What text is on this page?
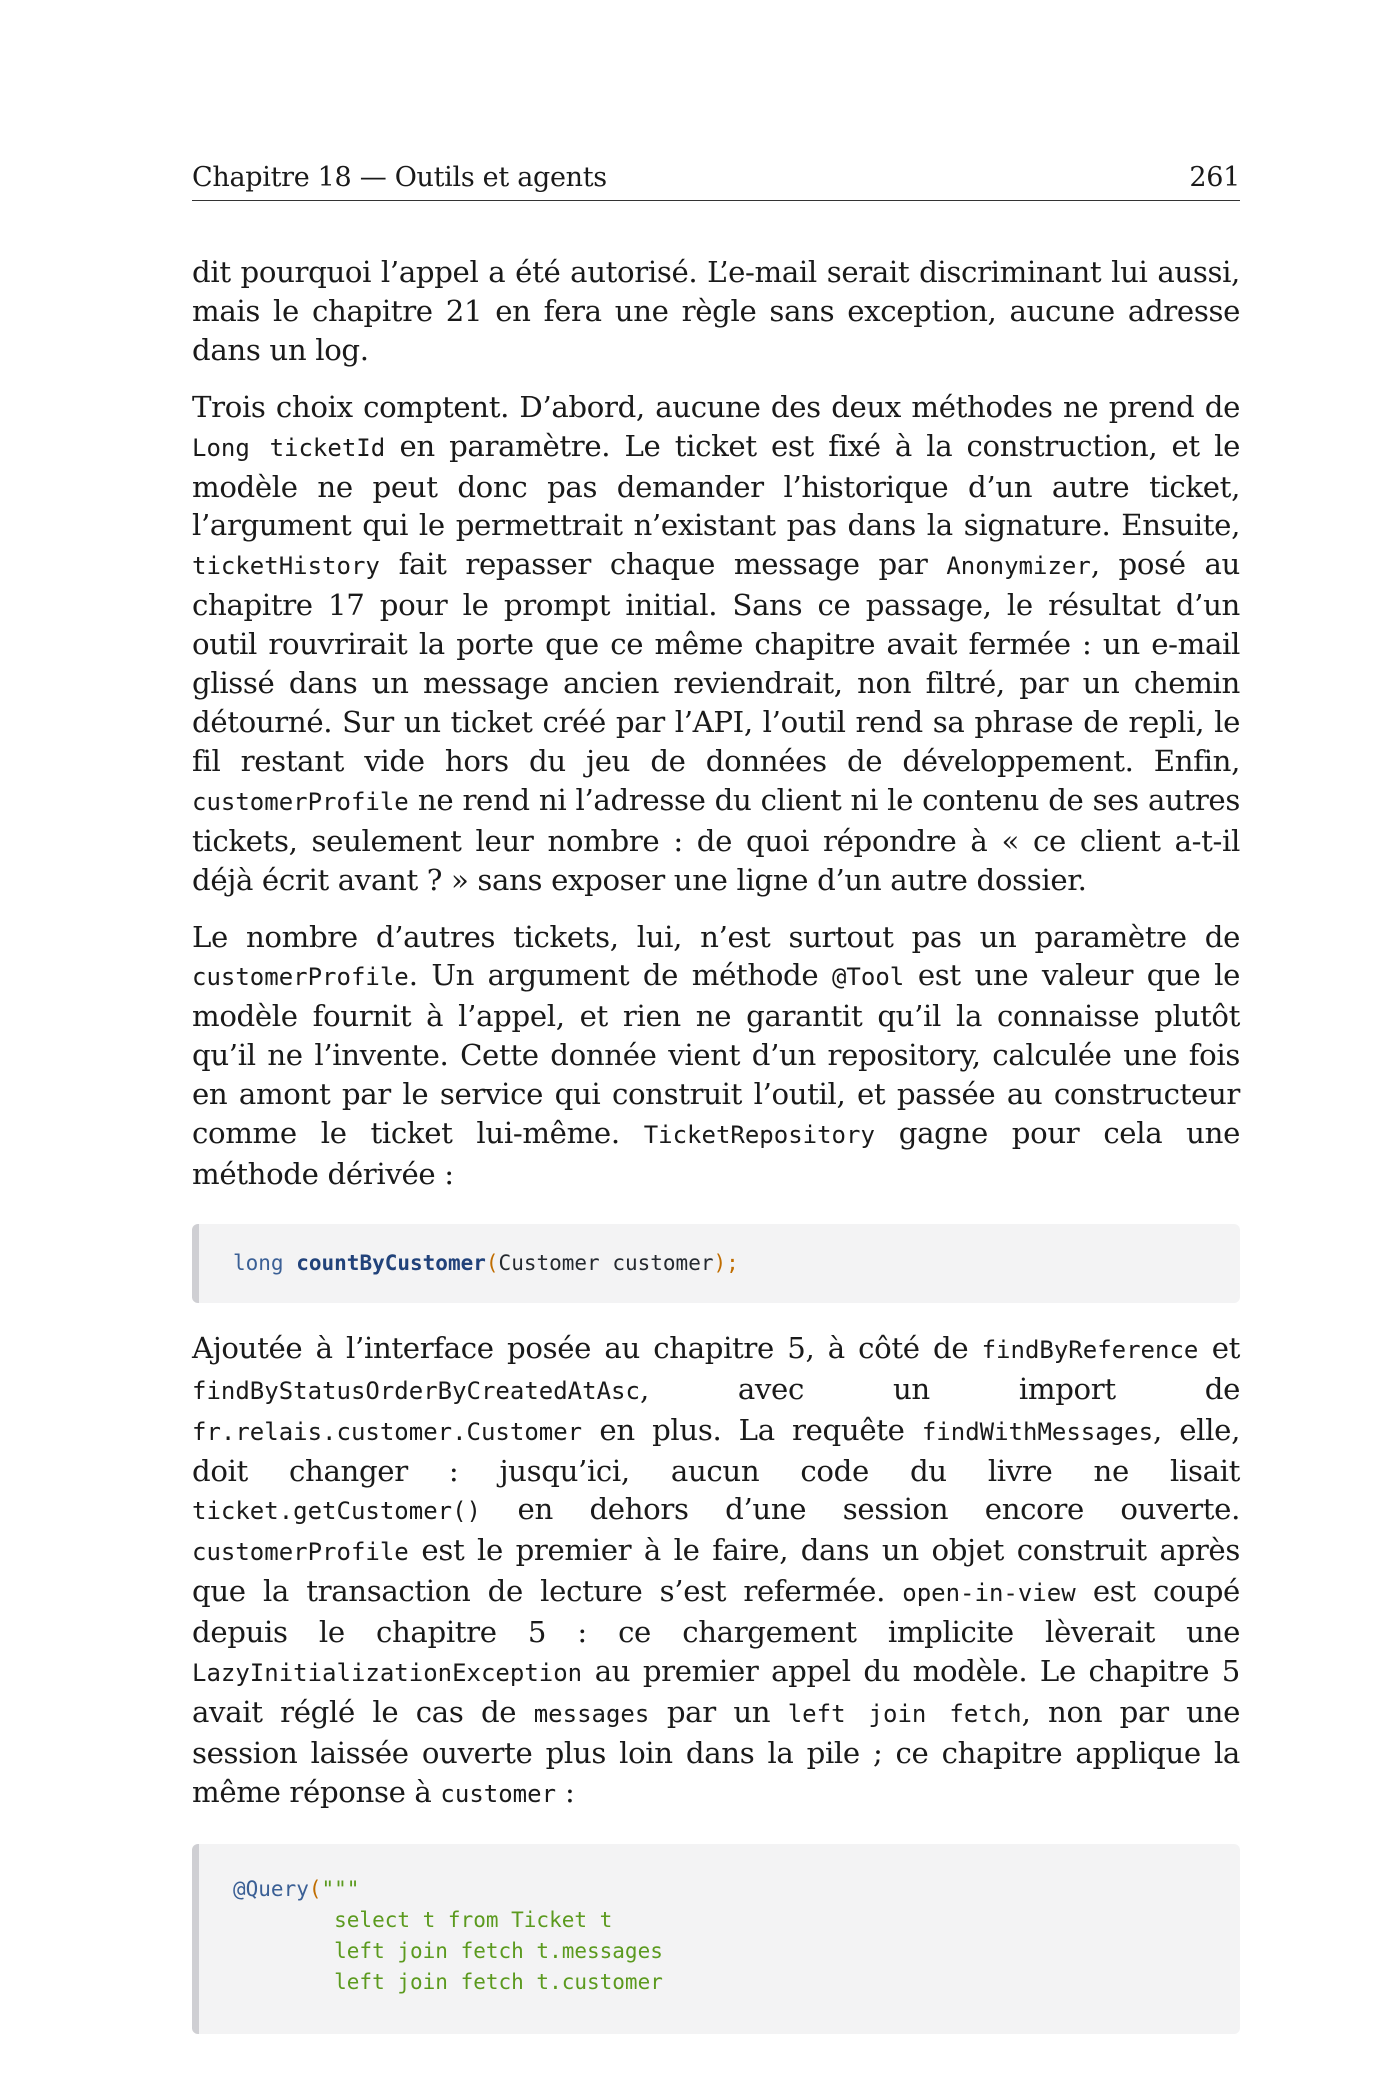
Chapitre 18 — Outils et agents	261

dit pourquoi l’appel a été autorisé. L’e-mail serait discriminant lui aussi, mais le chapitre 21 en fera une règle sans exception, aucune adresse dans un log.

Trois choix comptent. D’abord, aucune des deux méthodes ne prend de Long ticketId en paramètre. Le ticket est fixé à la construction, et le modèle ne peut donc pas demander l’historique d’un autre ticket, l’argument qui le permettrait n’existant pas dans la signature. Ensuite, ticketHistory fait repasser chaque message par Anonymizer, posé au chapitre 17 pour le prompt initial. Sans ce passage, le résultat d’un outil rouvrirait la porte que ce même chapitre avait fermée : un e-mail glissé dans un message ancien reviendrait, non filtré, par un chemin détourné. Sur un ticket créé par l’API, l’outil rend sa phrase de repli, le fil restant vide hors du jeu de données de développement. Enfin, customerProfile ne rend ni l’adresse du client ni le contenu de ses autres tickets, seulement leur nombre : de quoi répondre à « ce client a-t-il déjà écrit avant ? » sans exposer une ligne d’un autre dossier.

Le nombre d’autres tickets, lui, n’est surtout pas un paramètre de customerProfile. Un argument de méthode @Tool est une valeur que le modèle fournit à l’appel, et rien ne garantit qu’il la connaisse plutôt qu’il ne l’invente. Cette donnée vient d’un repository, calculée une fois en amont par le service qui construit l’outil, et passée au constructeur comme le ticket lui-même. TicketRepository gagne pour cela une méthode dérivée :

long countByCustomer(Customer customer);

Ajoutée à l’interface posée au chapitre 5, à côté de findByReference et findByStatusOrderByCreatedAtAsc, avec un import de fr.relais.customer.Customer en plus. La requête findWithMessages, elle, doit changer : jusqu’ici, aucun code du livre ne lisait ticket.getCustomer() en dehors d’une session encore ouverte. customerProfile est le premier à le faire, dans un objet construit après que la transaction de lecture s’est refermée. open-in-view est coupé depuis le chapitre 5 : ce chargement implicite lèverait une LazyInitializationException au premier appel du modèle. Le chapitre 5 avait réglé le cas de messages par un left join fetch, non par une session laissée ouverte plus loin dans la pile ; ce chapitre applique la même réponse à customer :

@Query("""
select t from Ticket t
left join fetch t.messages
left join fetch t.customer
